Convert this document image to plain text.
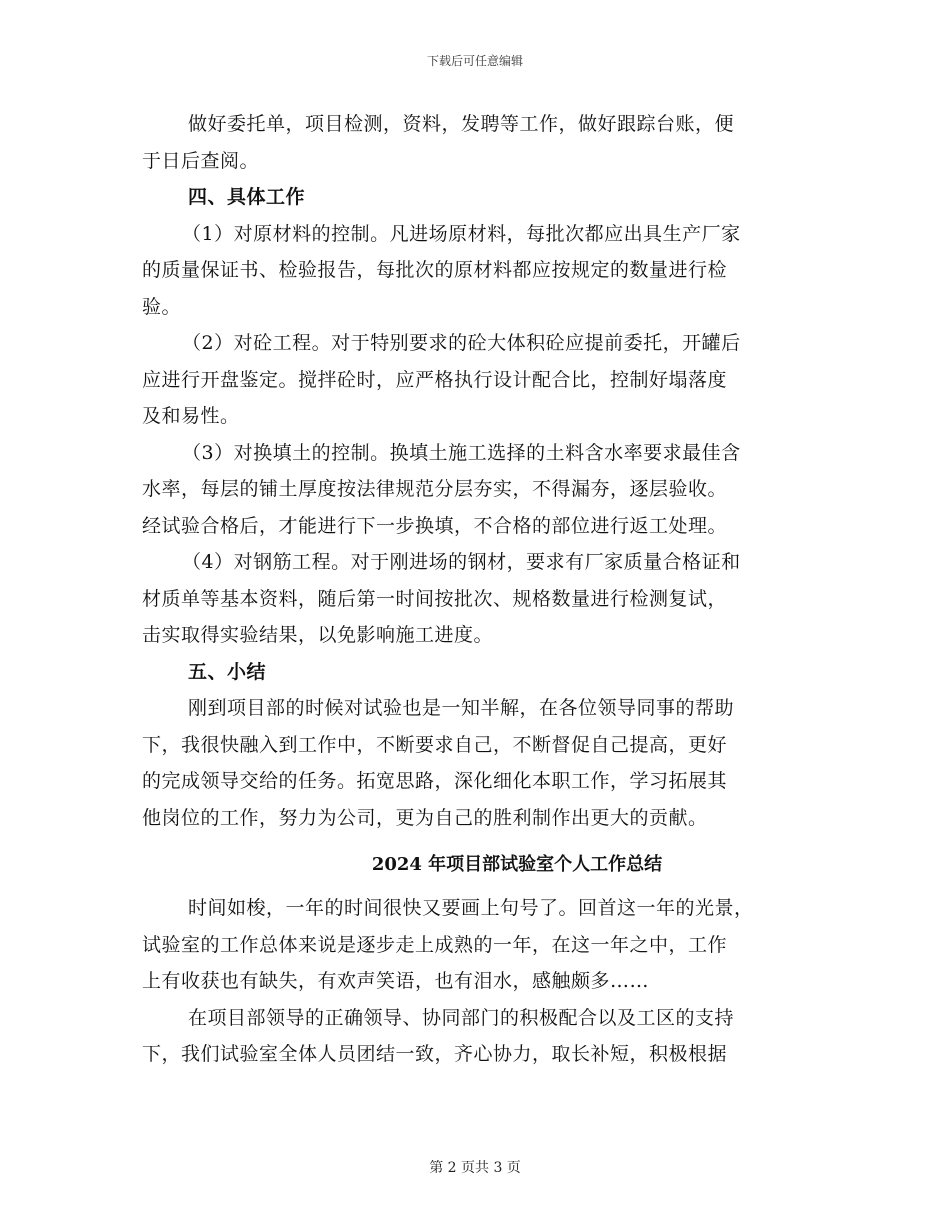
下载后可任意编辑
做好委托单，项目检测，资料，发聘等工作，做好跟踪台账，便
于日后查阅。
四、具体工作
（1）对原材料的控制。凡进场原材料，每批次都应出具生产厂家
的质量保证书、检验报告，每批次的原材料都应按规定的数量进行检
验。
（2）对砼工程。对于特别要求的砼大体积砼应提前委托，开罐后
应进行开盘鉴定。搅拌砼时，应严格执行设计配合比，控制好塌落度
及和易性。
（3）对换填土的控制。换填土施工选择的土料含水率要求最佳含
水率，每层的铺土厚度按法律规范分层夯实，不得漏夯，逐层验收。
经试验合格后，才能进行下一步换填，不合格的部位进行返工处理。
（4）对钢筋工程。对于刚进场的钢材，要求有厂家质量合格证和
材质单等基本资料，随后第一时间按批次、规格数量进行检测复试，
击实取得实验结果，以免影响施工进度。
五、小结
刚到项目部的时候对试验也是一知半解，在各位领导同事的帮助
下，我很快融入到工作中，不断要求自己，不断督促自己提高，更好
的完成领导交给的任务。拓宽思路，深化细化本职工作，学习拓展其
他岗位的工作，努力为公司，更为自己的胜利制作出更大的贡献。
2024 年项目部试验室个人工作总结
时间如梭，一年的时间很快又要画上句号了。回首这一年的光景，
试验室的工作总体来说是逐步走上成熟的一年，在这一年之中，工作
上有收获也有缺失，有欢声笑语，也有泪水，感触颇多……
在项目部领导的正确领导、协同部门的积极配合以及工区的支持
下，我们试验室全体人员团结一致，齐心协力，取长补短，积极根据
第 2 页共 3 页
